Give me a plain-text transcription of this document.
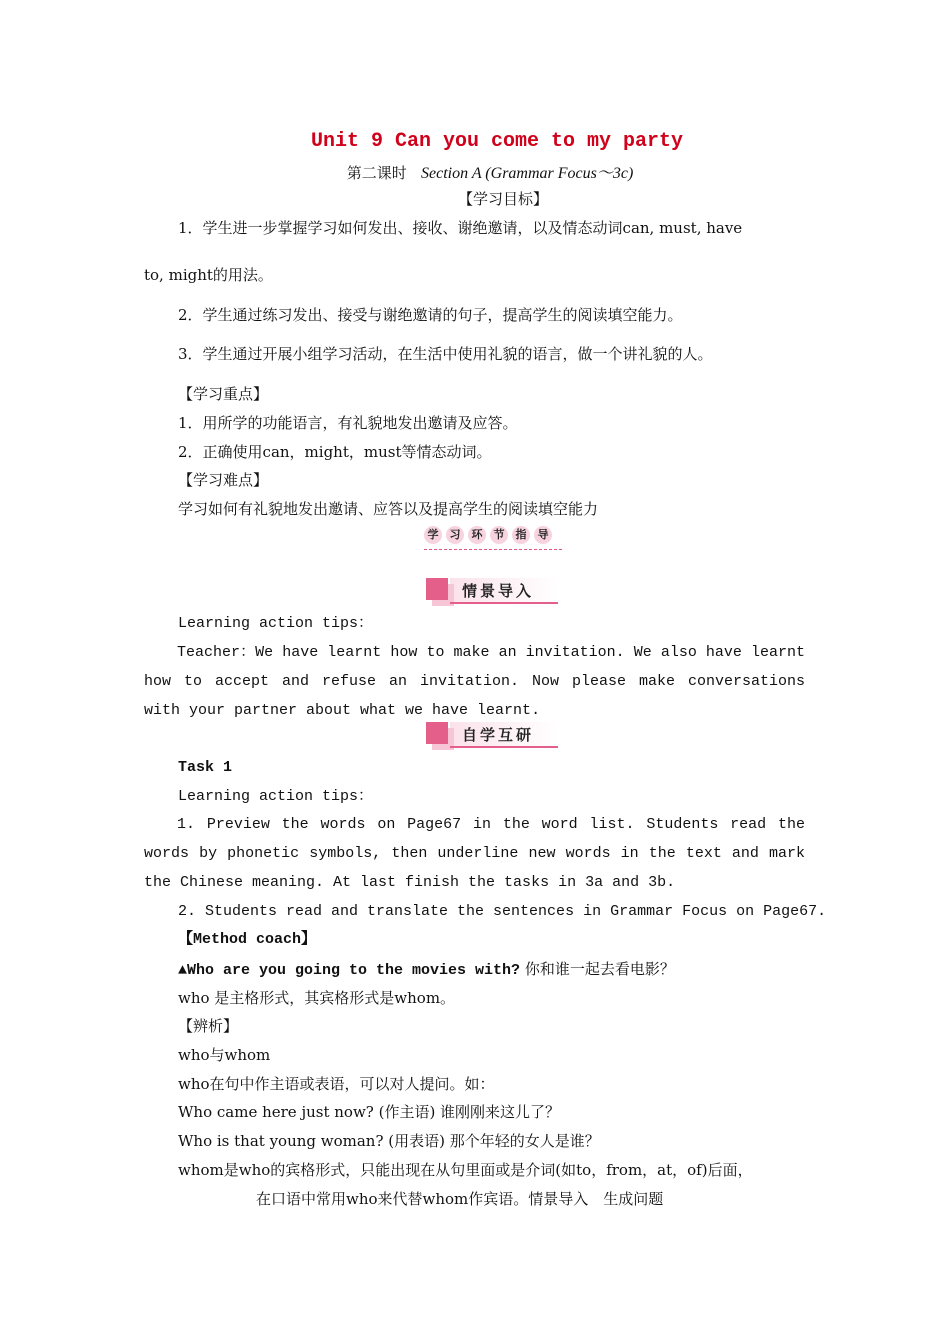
Unit 9 Can you come to my party
第二课时 Section A (Grammar Focus～3c)
【学习目标】
1．学生进一步掌握学习如何发出、接收、谢绝邀请，以及情态动词can, must, have
to, might的用法。
2．学生通过练习发出、接受与谢绝邀请的句子，提高学生的阅读填空能力。
3．学生通过开展小组学习活动，在生活中使用礼貌的语言，做一个讲礼貌的人。
【学习重点】
1．用所学的功能语言，有礼貌地发出邀请及应答。
2．正确使用can，might，must等情态动词。
【学习难点】
学习如何有礼貌地发出邀请、应答以及提高学生的阅读填空能力
学 习 环 节 指 导
情景导入
Learning action tips：
Teacher：We have learnt how to make an invitation. We also have learnt how to accept and refuse an invitation. Now please make conversations with your partner about what we have learnt.
自学互研
Task 1
Learning action tips：
1. Preview the words on Page67 in the word list. Students read the words by phonetic symbols, then underline new words in the text and mark the Chinese meaning. At last finish the tasks in 3a and 3b.
2. Students read and translate the sentences in Grammar Focus on Page67.
【Method coach】
▲Who are you going to the movies with? 你和谁一起去看电影？
who 是主格形式，其宾格形式是whom。
【辨析】
who与whom
who在句中作主语或表语，可以对人提问。如：
Who came here just now? (作主语) 谁刚刚来这儿了？
Who is that young woman? (用表语) 那个年轻的女人是谁？
whom是who的宾格形式，只能出现在从句里面或是介词(如to，from，at，of)后面，
在口语中常用who来代替whom作宾语。情景导入　生成问题
